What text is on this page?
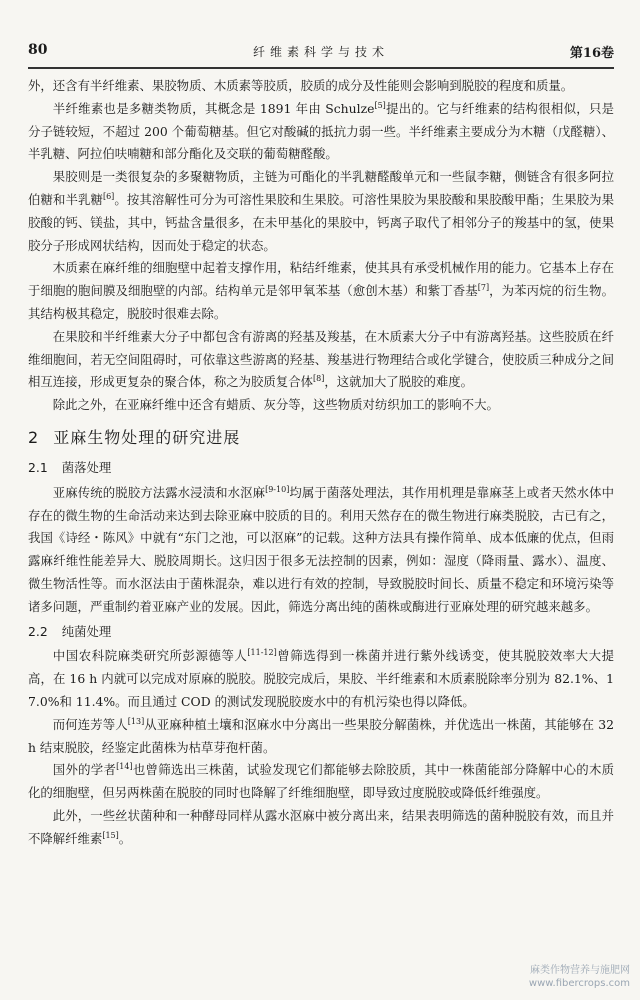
80	纤维素科学与技术	第16卷

外，还含有半纤维素、果胶物质、木质素等胶质，胶质的成分及性能则会影响到脱胶的程度和质量。

半纤维素也是多糖类物质，其概念是 1891 年由 Schulze[5]提出的。它与纤维素的结构很相似，只是分子链较短，不超过 200 个葡萄糖基。但它对酸碱的抵抗力弱一些。半纤维素主要成分为木糖（戊醛糖）、半乳糖、阿拉伯呋喃糖和部分酯化及交联的葡萄糖醛酸。

果胶则是一类很复杂的多聚糖物质，主链为可酯化的半乳糖醛酸单元和一些鼠李糖，侧链含有很多阿拉伯糖和半乳糖[6]。按其溶解性可分为可溶性果胶和生果胶。可溶性果胶为果胶酸和果胶酸甲酯；生果胶为果胶酸的钙、镁盐，其中，钙盐含量很多，在未甲基化的果胶中，钙离子取代了相邻分子的羧基中的氢，使果胶分子形成网状结构，因而处于稳定的状态。

木质素在麻纤维的细胞壁中起着支撑作用，粘结纤维素，使其具有承受机械作用的能力。它基本上存在于细胞的胞间膜及细胞壁的内部。结构单元是邻甲氧苯基（愈创木基）和紫丁香基[7]，为苯丙烷的衍生物。其结构极其稳定，脱胶时很难去除。

在果胶和半纤维素大分子中都包含有游离的羟基及羧基，在木质素大分子中有游离羟基。这些胶质在纤维细胞间，若无空间阻碍时，可依靠这些游离的羟基、羧基进行物理结合或化学键合，使胶质三种成分之间相互连接，形成更复杂的聚合体，称之为胶质复合体[8]，这就加大了脱胶的难度。

除此之外，在亚麻纤维中还含有蜡质、灰分等，这些物质对纺织加工的影响不大。

2 亚麻生物处理的研究进展
2.1 菌落处理

亚麻传统的脱胶方法露水浸渍和水沤麻[9-10]均属于菌落处理法，其作用机理是靠麻茎上或者天然水体中存在的微生物的生命活动来达到去除亚麻中胶质的目的。利用天然存在的微生物进行麻类脱胶，古已有之，我国《诗经・陈风》中就有“东门之池，可以沤麻”的记载。这种方法具有操作简单、成本低廉的优点，但雨露麻纤维性能差异大、脱胶周期长。这归因于很多无法控制的因素，例如：湿度（降雨量、露水）、温度、微生物活性等。而水沤法由于菌株混杂，难以进行有效的控制，导致脱胶时间长、质量不稳定和环境污染等诸多问题，严重制约着亚麻产业的发展。因此，筛选分离出纯的菌株或酶进行亚麻处理的研究越来越多。

2.2 纯菌处理

中国农科院麻类研究所彭源德等人[11-12]曾筛选得到一株菌并进行紫外线诱变，使其脱胶效率大大提高，在 16 h 内就可以完成对原麻的脱胶。脱胶完成后，果胶、半纤维素和木质素脱除率分别为 82.1%、17.0%和 11.4%。而且通过 COD 的测试发现脱胶废水中的有机污染也得以降低。

而何连芳等人[13]从亚麻种植土壤和沤麻水中分离出一些果胶分解菌株，并优选出一株菌，其能够在 32 h 结束脱胶，经鉴定此菌株为枯草芽孢杆菌。

国外的学者[14]也曾筛选出三株菌，试验发现它们都能够去除胶质，其中一株菌能部分降解中心的木质化的细胞壁，但另两株菌在脱胶的同时也降解了纤维细胞壁，即导致过度脱胶或降低纤维强度。

此外，一些丝状菌种和一种酵母同样从露水沤麻中被分离出来，结果表明筛选的菌种脱胶有效，而且并不降解纤维素[15]。

麻类作物营养与施肥网
www.fibercrops.com
